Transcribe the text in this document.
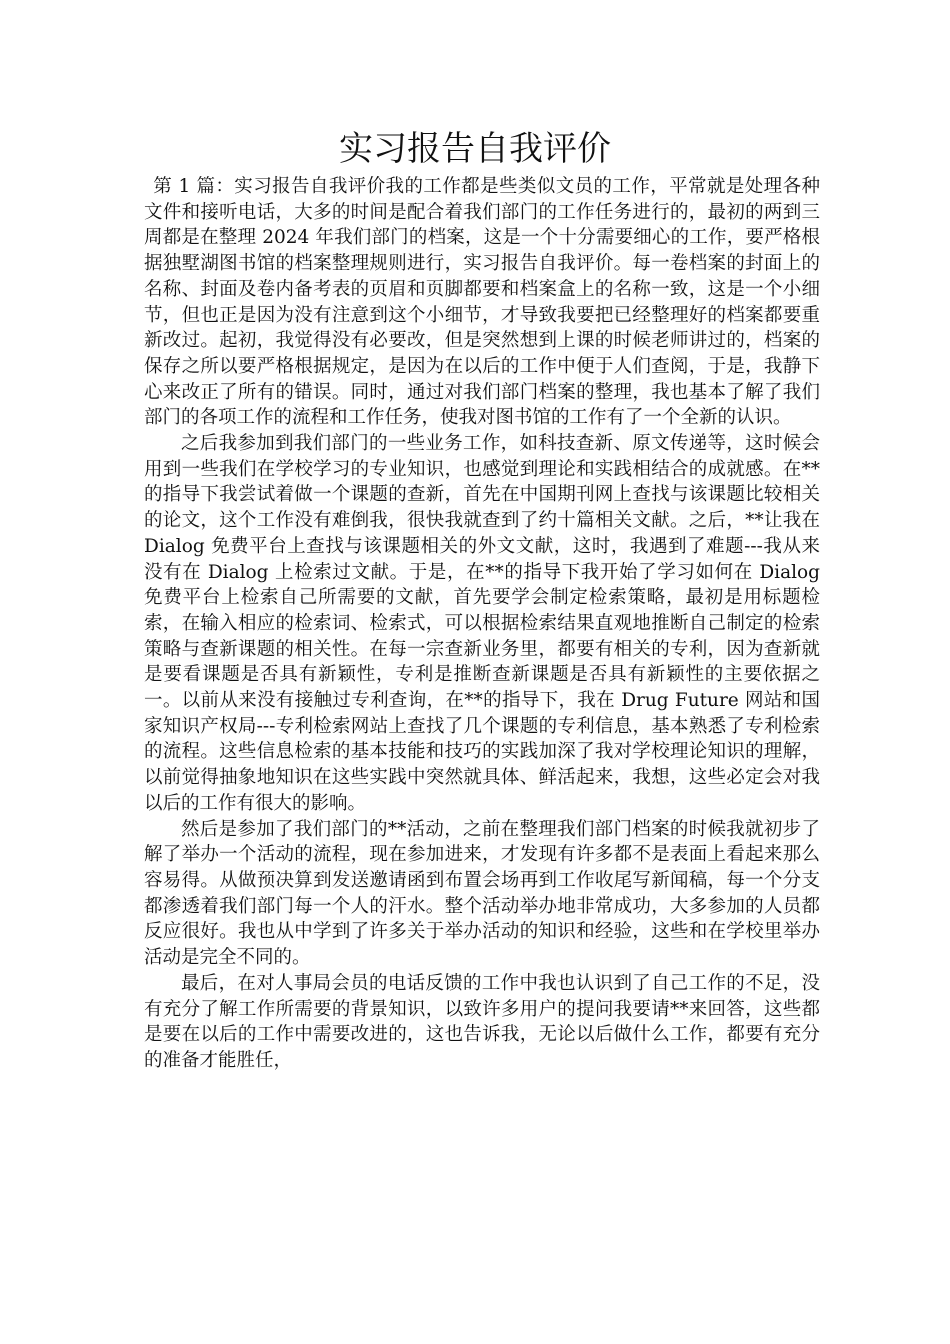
实习报告自我评价

第 1 篇：实习报告自我评价我的工作都是些类似文员的工作，平常就是处理各种文件和接听电话，大多的时间是配合着我们部门的工作任务进行的，最初的两到三周都是在整理 2024 年我们部门的档案，这是一个十分需要细心的工作，要严格根据独墅湖图书馆的档案整理规则进行，实习报告自我评价。每一卷档案的封面上的名称、封面及卷内备考表的页眉和页脚都要和档案盒上的名称一致，这是一个小细节，但也正是因为没有注意到这个小细节，才导致我要把已经整理好的档案都要重新改过。起初，我觉得没有必要改，但是突然想到上课的时候老师讲过的，档案的保存之所以要严格根据规定，是因为在以后的工作中便于人们查阅，于是，我静下心来改正了所有的错误。同时，通过对我们部门档案的整理，我也基本了解了我们部门的各项工作的流程和工作任务，使我对图书馆的工作有了一个全新的认识。

之后我参加到我们部门的一些业务工作，如科技查新、原文传递等，这时候会用到一些我们在学校学习的专业知识，也感觉到理论和实践相结合的成就感。在**的指导下我尝试着做一个课题的查新，首先在中国期刊网上查找与该课题比较相关的论文，这个工作没有难倒我，很快我就查到了约十篇相关文献。之后，**让我在 Dialog 免费平台上查找与该课题相关的外文文献，这时，我遇到了难题---我从来没有在 Dialog 上检索过文献。于是，在**的指导下我开始了学习如何在 Dialog 免费平台上检索自己所需要的文献，首先要学会制定检索策略，最初是用标题检索，在输入相应的检索词、检索式，可以根据检索结果直观地推断自己制定的检索策略与查新课题的相关性。在每一宗查新业务里，都要有相关的专利，因为查新就是要看课题是否具有新颖性，专利是推断查新课题是否具有新颖性的主要依据之一。以前从来没有接触过专利查询，在**的指导下，我在 Drug Future 网站和国家知识产权局---专利检索网站上查找了几个课题的专利信息，基本熟悉了专利检索的流程。这些信息检索的基本技能和技巧的实践加深了我对学校理论知识的理解，以前觉得抽象地知识在这些实践中突然就具体、鲜活起来，我想，这些必定会对我以后的工作有很大的影响。

然后是参加了我们部门的**活动，之前在整理我们部门档案的时候我就初步了解了举办一个活动的流程，现在参加进来，才发现有许多都不是表面上看起来那么容易得。从做预决算到发送邀请函到布置会场再到工作收尾写新闻稿，每一个分支都渗透着我们部门每一个人的汗水。整个活动举办地非常成功，大多参加的人员都反应很好。我也从中学到了许多关于举办活动的知识和经验，这些和在学校里举办活动是完全不同的。

最后，在对人事局会员的电话反馈的工作中我也认识到了自己工作的不足，没有充分了解工作所需要的背景知识，以致许多用户的提问我要请**来回答，这些都是要在以后的工作中需要改进的，这也告诉我，无论以后做什么工作，都要有充分的准备才能胜任，
